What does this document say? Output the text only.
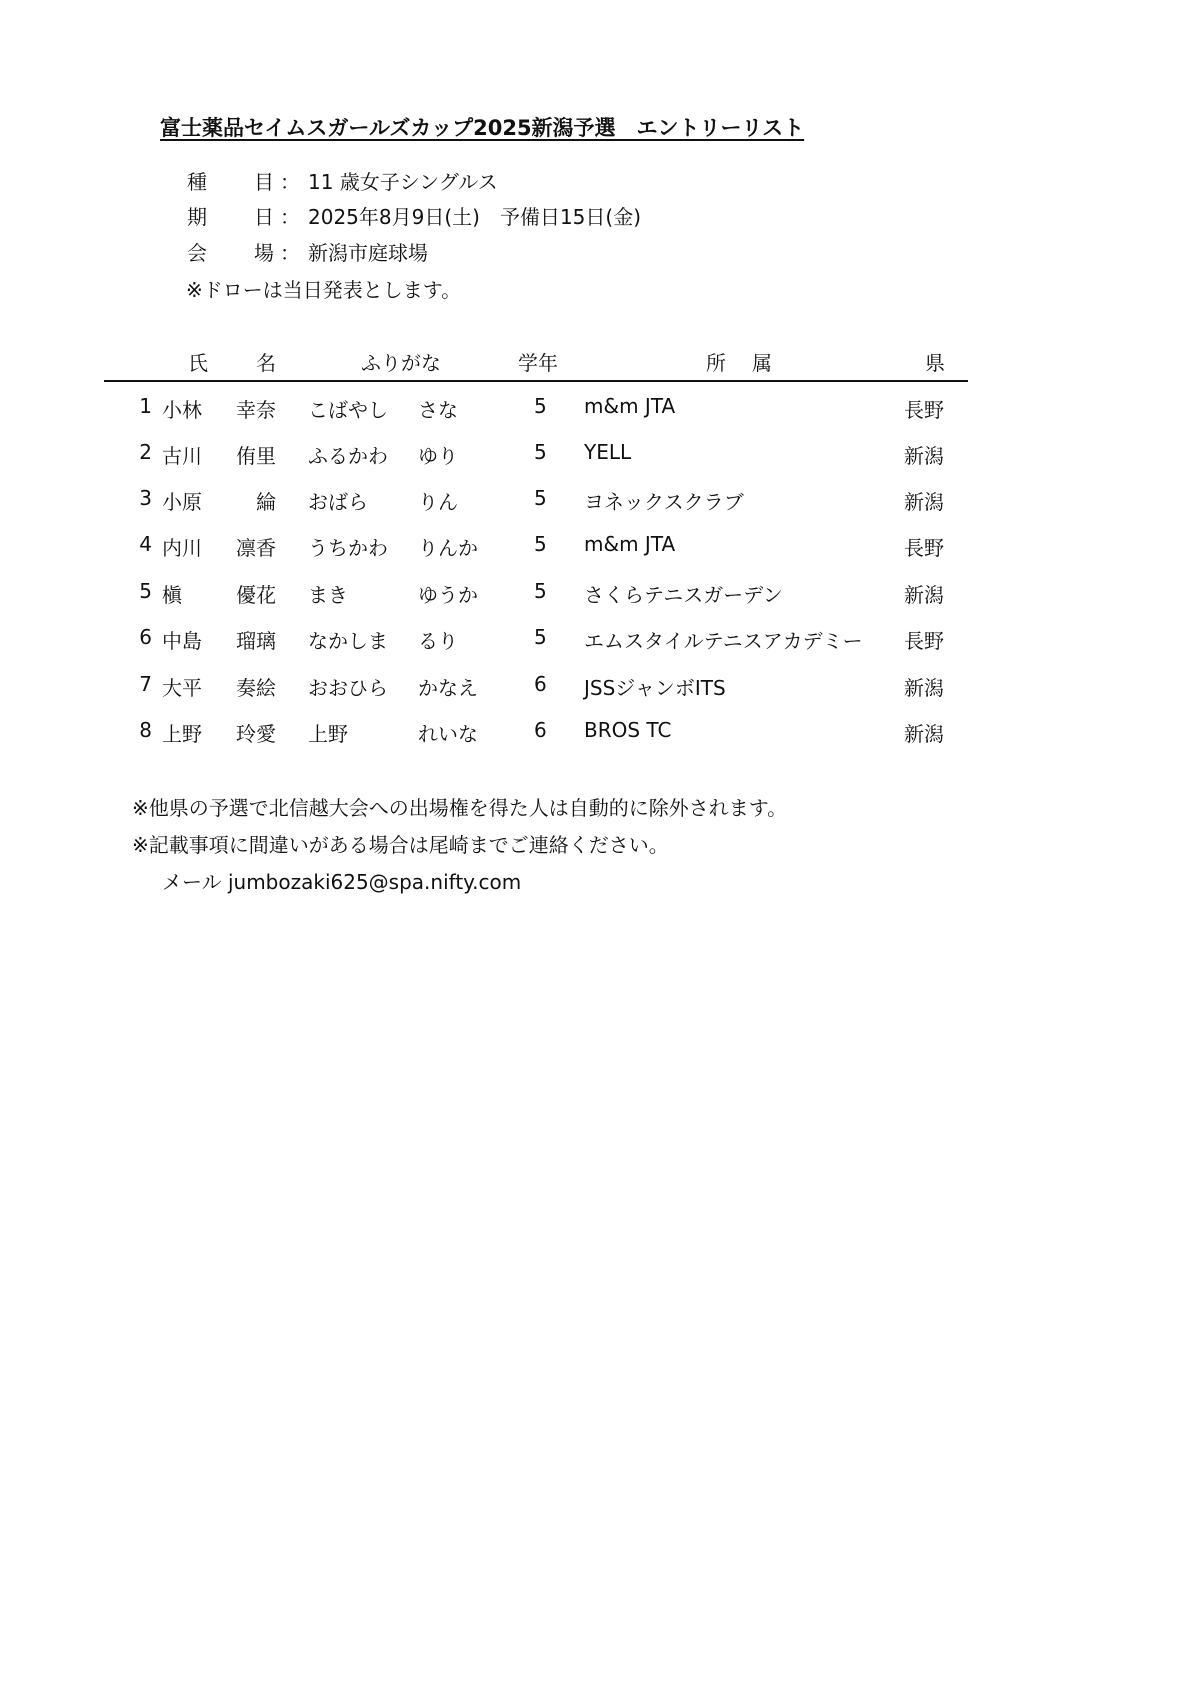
富士薬品セイムスガールズカップ2025新潟予選　エントリーリスト
種 目 ： 11 歳女子シングルス
期 日 ： 2025年8月9日(土)　予備日15日(金)
会 場 ： 新潟市庭球場
※ドローは当日発表とします。
氏 名	ふりがな	学年	所 属	県
1 小林	幸奈 こばやし さな	5 m&m JTA	長野
2 古川	侑里 ふるかわ ゆり	5 YELL	新潟
3 小原	綸 おばら	りん	5 ヨネックスクラブ	新潟
4 内川	凛香 うちかわ りんか	5 m&m JTA	長野
5 槇	優花 まき	ゆうか	5 さくらテニスガーデン	新潟
6 中島	瑠璃 なかしま るり	5 エムスタイルテニスアカデミー 長野
7 大平	奏絵 おおひら かなえ	6 JSSジャンボITS	新潟
8 上野	玲愛 上野	れいな	6 BROS TC	新潟
※他県の予選で北信越大会への出場権を得た人は自動的に除外されます。
※記載事項に間違いがある場合は尾崎までご連絡ください。
メール jumbozaki625@spa.nifty.com
